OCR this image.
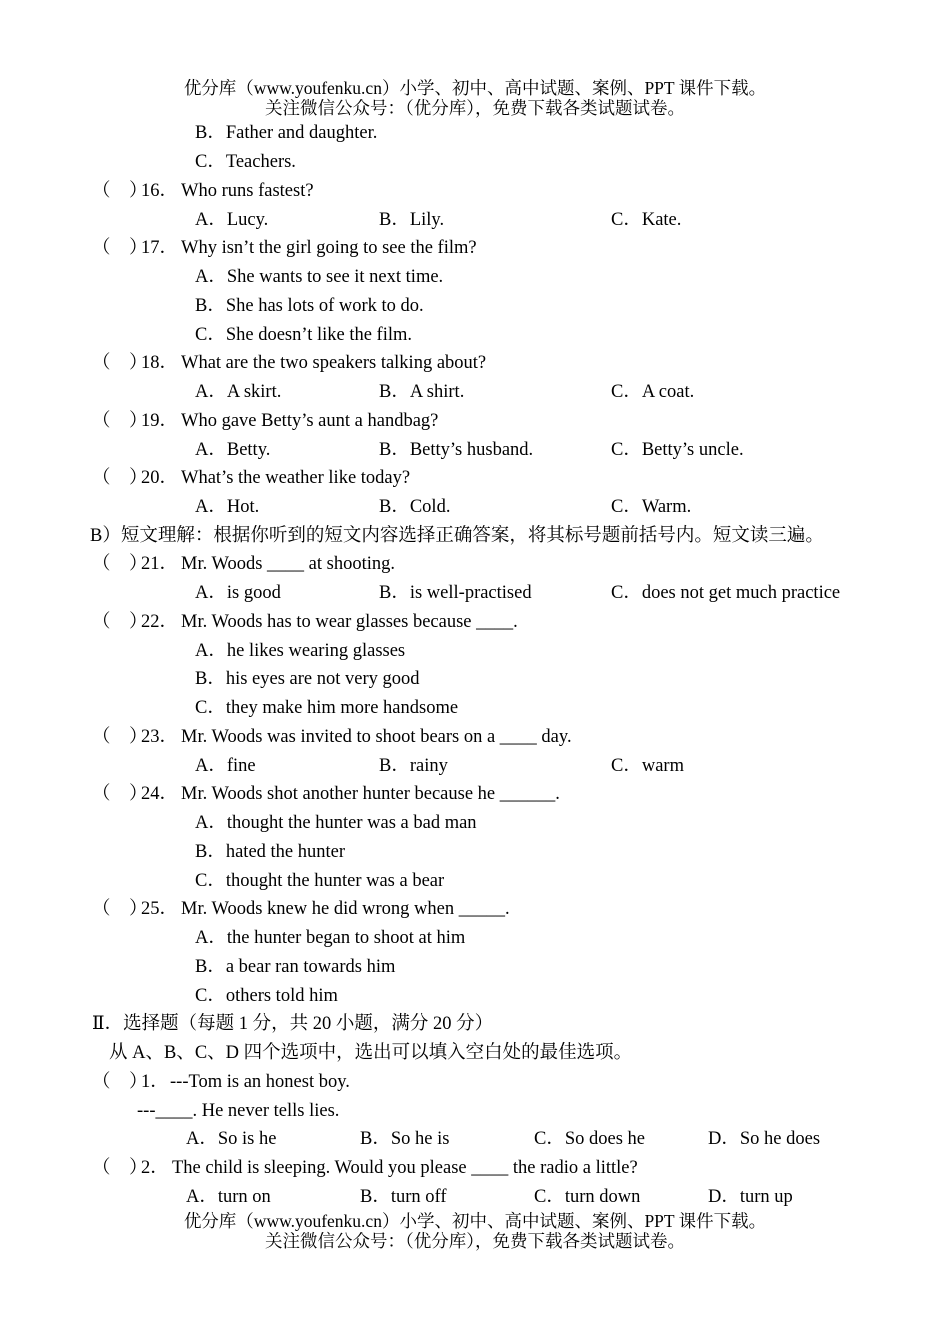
优分库（www.youfenku.cn）小学、初中、高中试题、案例、PPT 课件下载。
关注微信公众号：（优分库），免费下载各类试题试卷。
B．Father and daughter.
C．Teachers.
（　）
16． Who runs fastest?
A．Lucy.	B．Lily.	C．Kate.
（　）
17． Why isn’t the girl going to see the film?
A．She wants to see it next time.
B．She has lots of work to do.
C．She doesn’t like the film.
（　）
18． What are the two speakers talking about?
A．A skirt.	B．A shirt.	C．A coat.
（　）
19． Who gave Betty’s aunt a handbag?
A．Betty.	B．Betty’s husband.	C．Betty’s uncle.
（　）
20． What’s the weather like today?
A．Hot.	B．Cold.	C．Warm.
B）短文理解：根据你听到的短文内容选择正确答案，将其标号题前括号内。短文读三遍。
（　）
21． Mr. Woods ____ at shooting.
A．is good	B．is well-practised	C．does not get much practice
（　）
22． Mr. Woods has to wear glasses because ____.
A．he likes wearing glasses
B．his eyes are not very good
C．they make him more handsome
（　）
23． Mr. Woods was invited to shoot bears on a ____ day.
A．fine	B．rainy	C．warm
（　）
24． Mr. Woods shot another hunter because he ______.
A．thought the hunter was a bad man
B．hated the hunter
C．thought the hunter was a bear
（　）
25． Mr. Woods knew he did wrong when _____.
A．the hunter began to shoot at him
B．a bear ran towards him
C．others told him
Ⅱ．选择题（每题 1 分，共 20 小题，满分 20 分）
从 A、B、C、D 四个选项中，选出可以填入空白处的最佳选项。
（　）
1． ---Tom is an honest boy.
---____. He never tells lies.
A．So is he	B．So he is	C．So does he	D．So he does
（　）
2． The child is sleeping. Would you please ____ the radio a little?
A．turn on	B．turn off	C．turn down	D．turn up
优分库（www.youfenku.cn）小学、初中、高中试题、案例、PPT 课件下载。
关注微信公众号：（优分库），免费下载各类试题试卷。
